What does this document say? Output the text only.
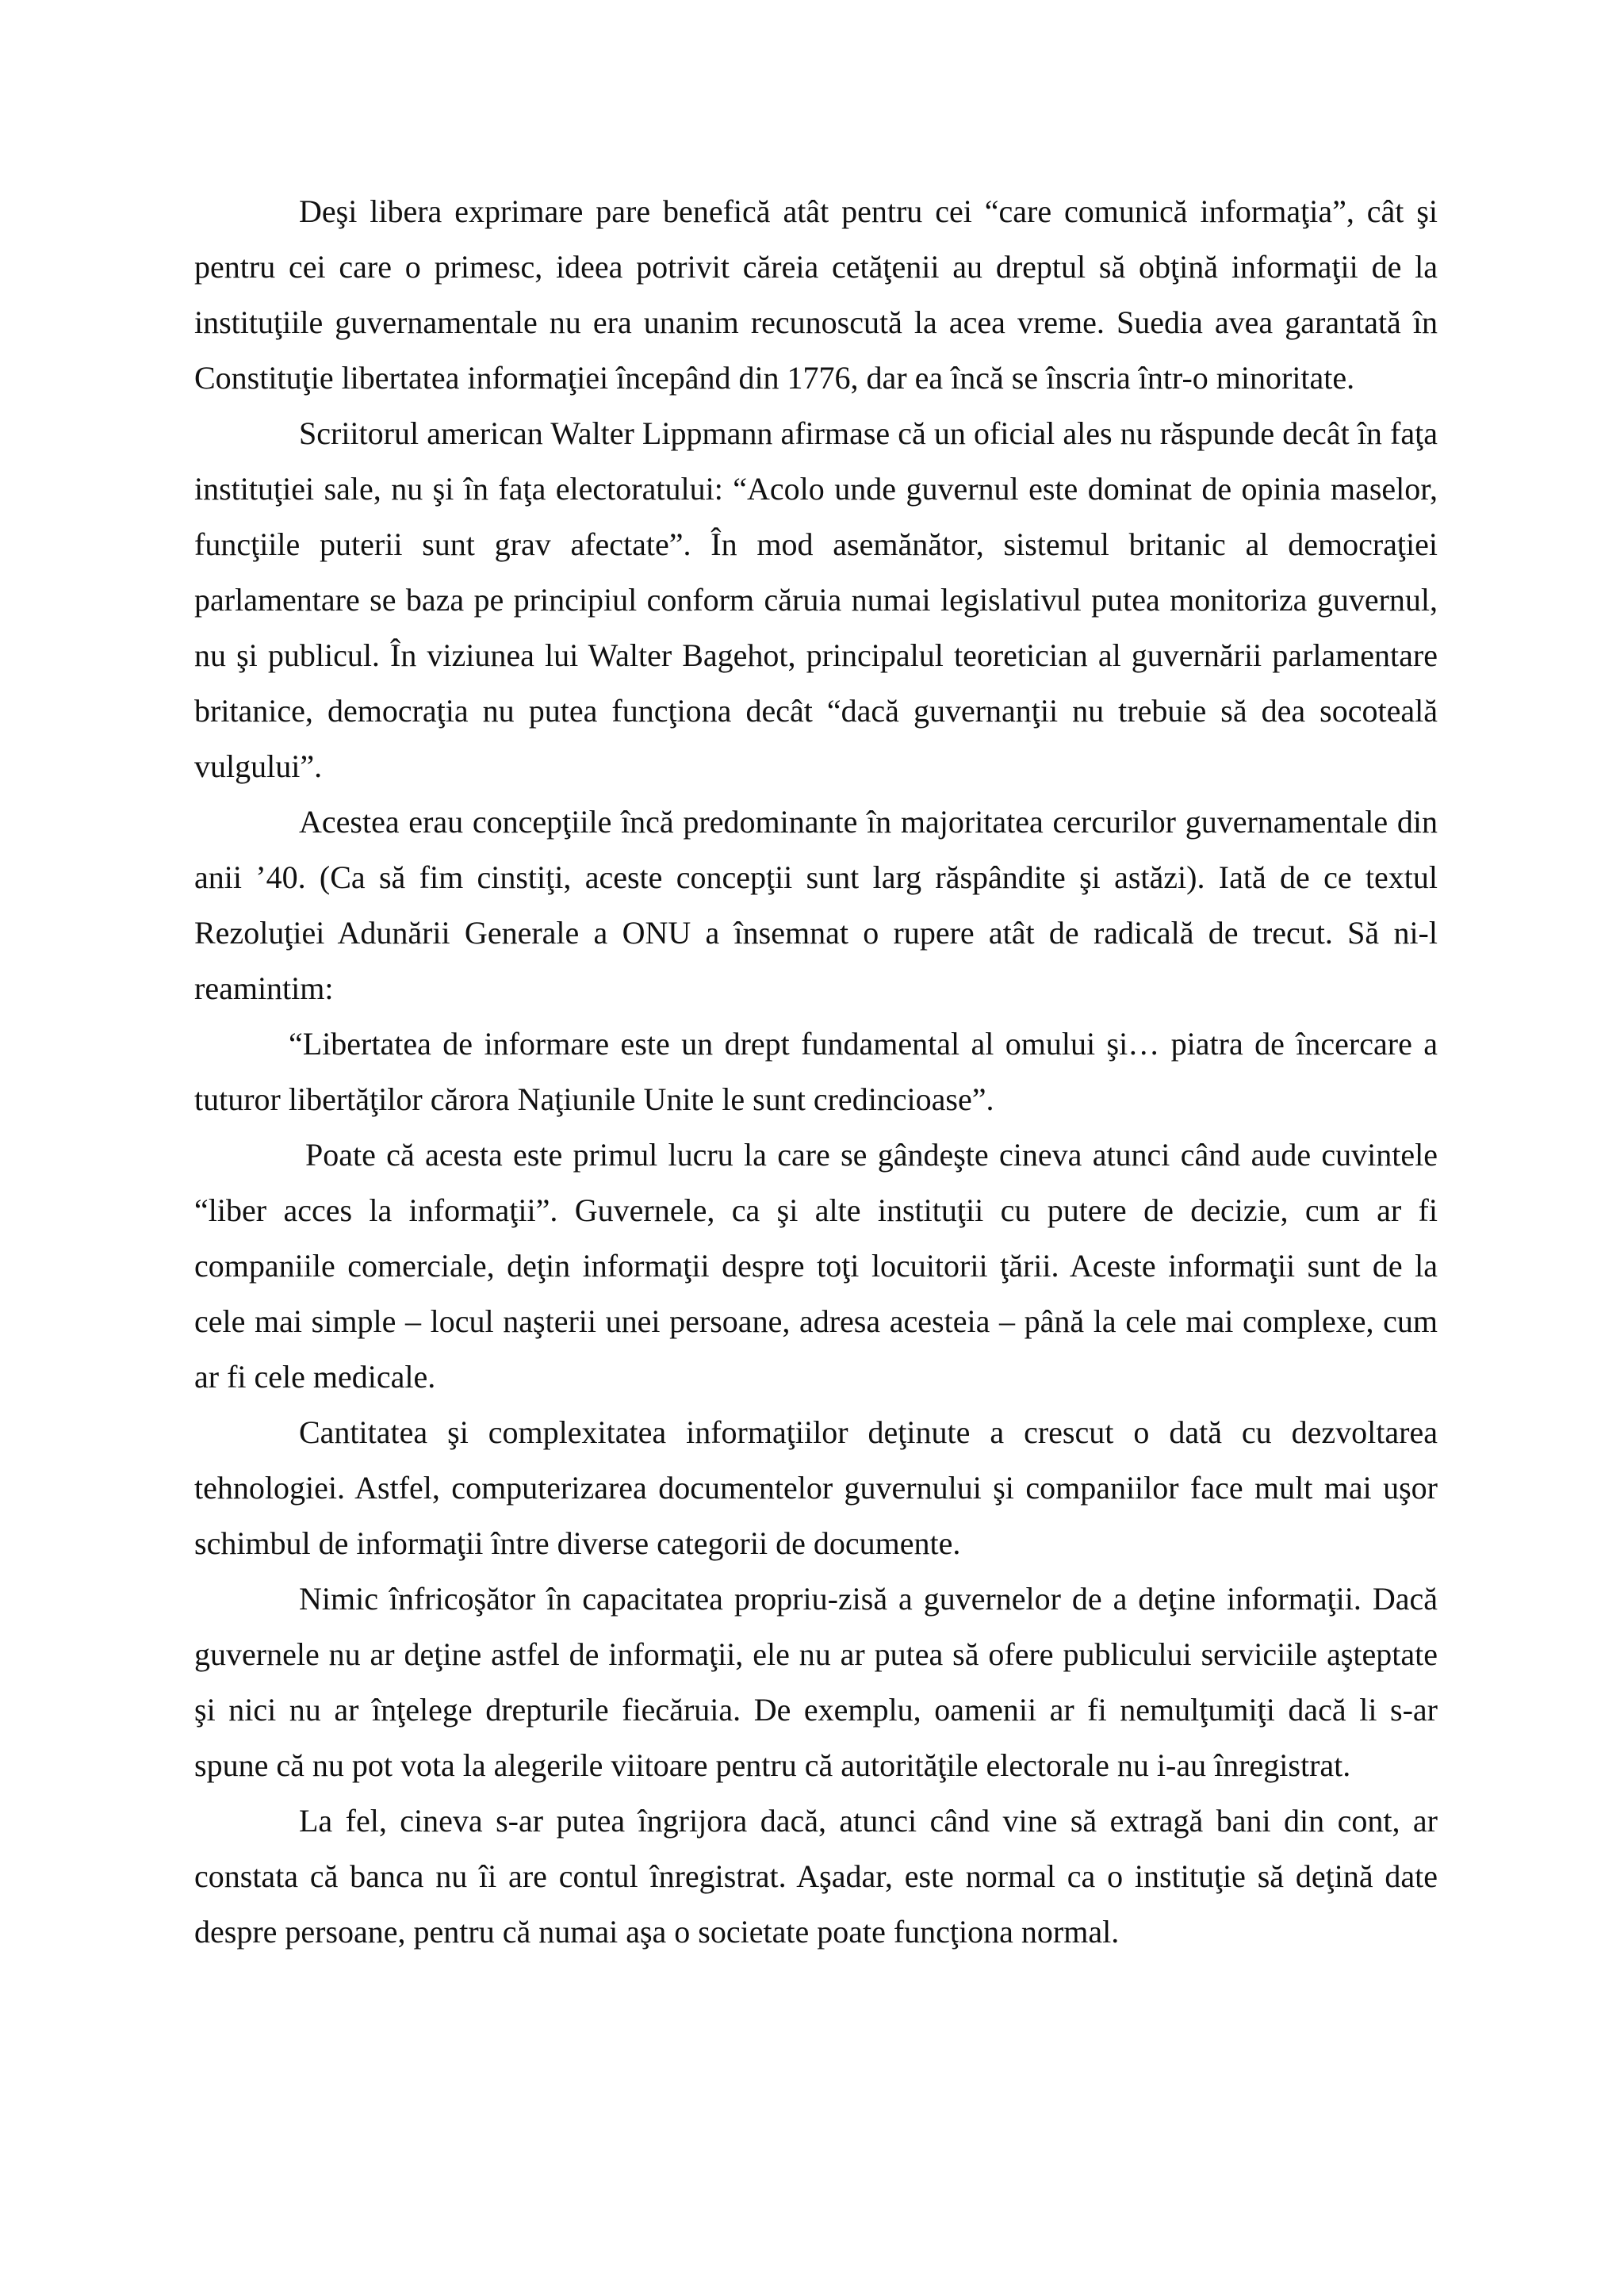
Deşi libera exprimare pare benefică atât pentru cei “care comunică informaţia”, cât şi pentru cei care o primesc, ideea potrivit căreia cetăţenii au dreptul să obţină informaţii de la instituţiile guvernamentale nu era unanim recunoscută la acea vreme. Suedia avea garantată în Constituţie libertatea informaţiei începând din 1776, dar ea încă se înscria într-o minoritate.

Scriitorul american Walter Lippmann afirmase că un oficial ales nu răspunde decât în faţa instituţiei sale, nu şi în faţa electoratului: “Acolo unde guvernul este dominat de opinia maselor, funcţiile puterii sunt grav afectate”. În mod asemănător, sistemul britanic al democraţiei parlamentare se baza pe principiul conform căruia numai legislativul putea monitoriza guvernul, nu şi publicul. În viziunea lui Walter Bagehot, principalul teoretician al guvernării parlamentare britanice, democraţia nu putea funcţiona decât “dacă guvernanţii nu trebuie să dea socoteală vulgului”.

Acestea erau concepţiile încă predominante în majoritatea cercurilor guvernamentale din anii ’40. (Ca să fim cinstiţi, aceste concepţii sunt larg răspândite şi astăzi). Iată de ce textul Rezoluţiei Adunării Generale a ONU a însemnat o rupere atât de radicală de trecut. Să ni-l reamintim:

“Libertatea de informare este un drept fundamental al omului şi… piatra de încercare a tuturor libertăţilor cărora Naţiunile Unite le sunt credincioase”.

Poate că acesta este primul lucru la care se gândeşte cineva atunci când aude cuvintele “liber acces la informaţii”. Guvernele, ca şi alte instituţii cu putere de decizie, cum ar fi companiile comerciale, deţin informaţii despre toţi locuitorii ţării. Aceste informaţii sunt de la cele mai simple – locul naşterii unei persoane, adresa acesteia – până la cele mai complexe, cum ar fi cele medicale.

Cantitatea şi complexitatea informaţiilor deţinute a crescut o dată cu dezvoltarea tehnologiei. Astfel, computerizarea documentelor guvernului şi companiilor face mult mai uşor schimbul de informaţii între diverse categorii de documente.

Nimic înfricoşător în capacitatea propriu-zisă a guvernelor de a deţine informaţii. Dacă guvernele nu ar deţine astfel de informaţii, ele nu ar putea să ofere publicului serviciile aşteptate şi nici nu ar înţelege drepturile fiecăruia. De exemplu, oamenii ar fi nemulţumiţi dacă li s-ar spune că nu pot vota la alegerile viitoare pentru că autorităţile electorale nu i-au înregistrat.

La fel, cineva s-ar putea îngrijora dacă, atunci când vine să extragă bani din cont, ar constata că banca nu îi are contul înregistrat. Aşadar, este normal ca o instituţie să deţină date despre persoane, pentru că numai aşa o societate poate funcţiona normal.
